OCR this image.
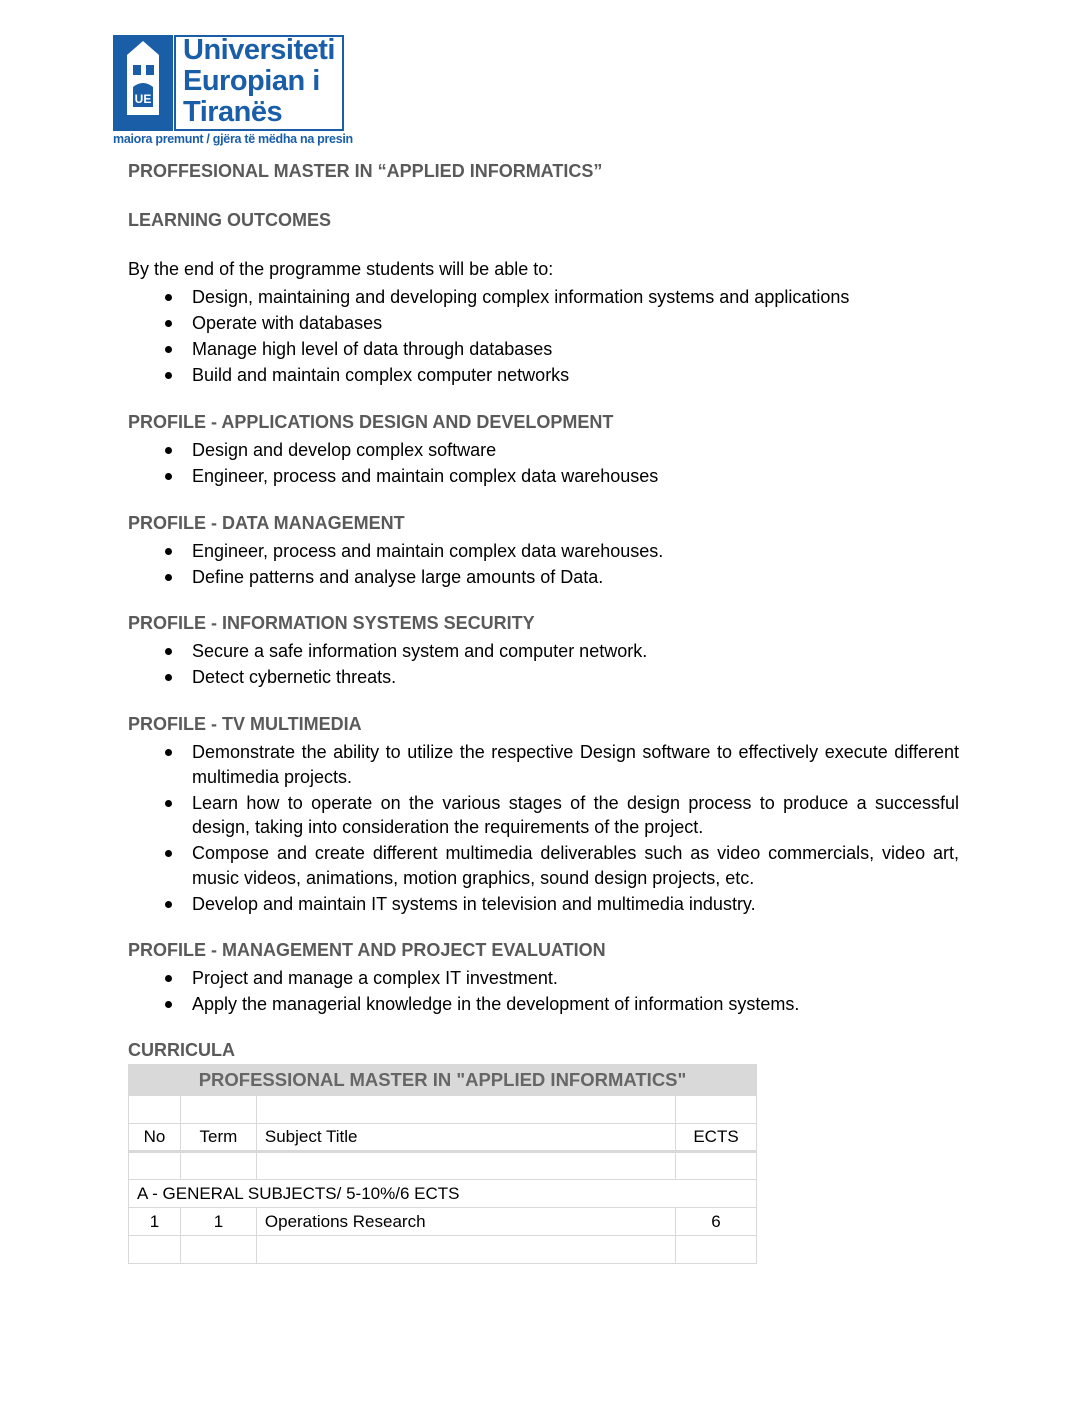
UE
Universiteti
Europian i
Tiranës
maiora premunt / gjëra të mëdha na presin
PROFFESIONAL MASTER IN “APPLIED INFORMATICS”
LEARNING OUTCOMES
By the end of the programme students will be able to:
Design, maintaining and developing complex information systems and applications
Operate with databases
Manage high level of data through databases
Build and maintain complex computer networks
PROFILE - APPLICATIONS DESIGN AND DEVELOPMENT
Design and develop complex software
Engineer, process and maintain complex data warehouses
PROFILE - DATA MANAGEMENT
Engineer, process and maintain complex data warehouses.
Define patterns and analyse large amounts of Data.
PROFILE - INFORMATION SYSTEMS SECURITY
Secure a safe information system and computer network.
Detect cybernetic threats.
PROFILE - TV MULTIMEDIA
Demonstrate the ability to utilize the respective Design software to effectively execute different multimedia projects.
Learn how to operate on the various stages of the design process to produce a successful design, taking into consideration the requirements of the project.
Compose and create different multimedia deliverables such as video commercials, video art, music videos, animations, motion graphics, sound design projects, etc.
Develop and maintain IT systems in television and multimedia industry.
PROFILE - MANAGEMENT AND PROJECT EVALUATION
Project and manage a complex IT investment.
Apply the managerial knowledge in the development of information systems.
CURRICULA
PROFESSIONAL MASTER IN "APPLIED INFORMATICS"			

No	Term	Subject Title	ECTS

A - GENERAL SUBJECTS/ 5-10%/6 ECTS			
1	1	Operations Research	6
